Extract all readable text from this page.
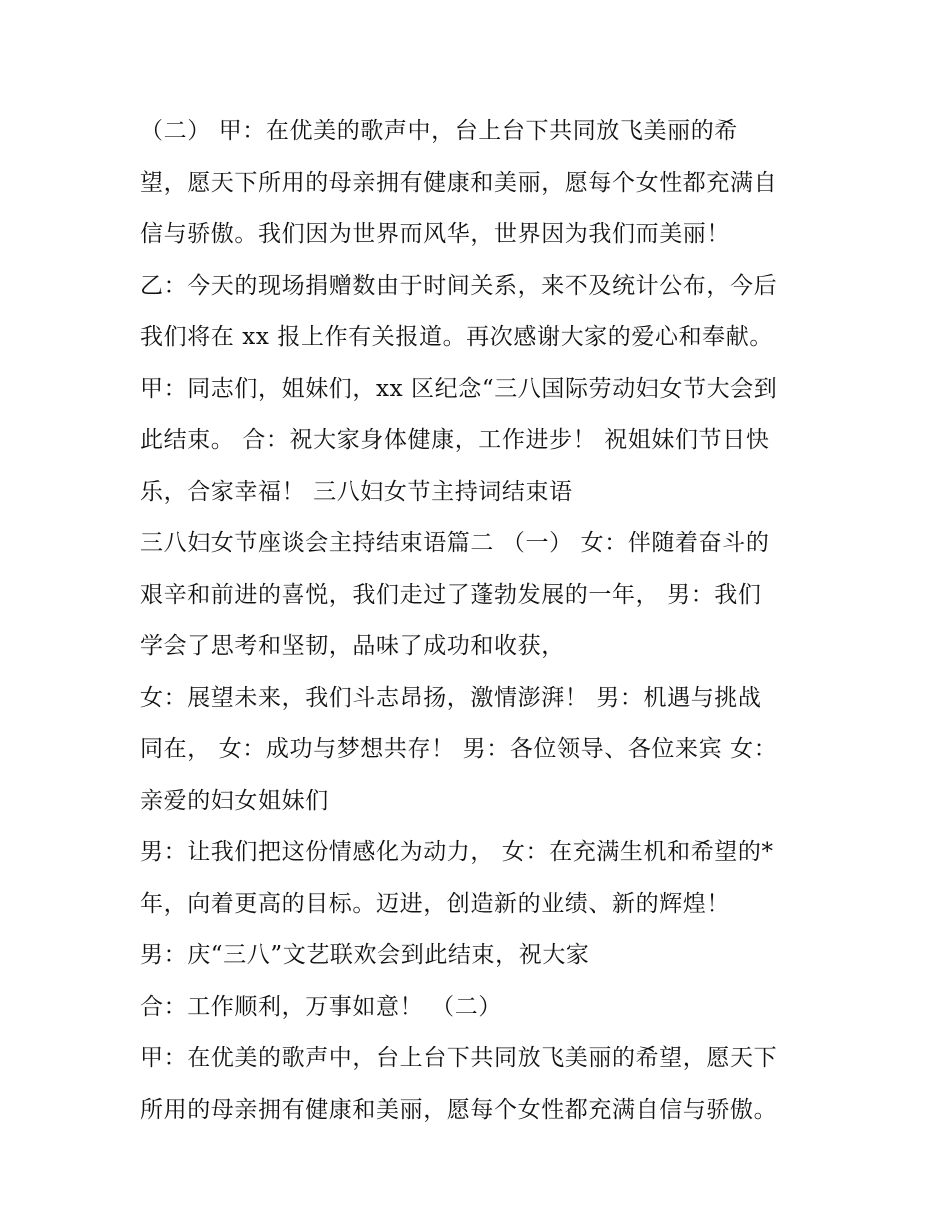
（二） 甲：在优美的歌声中，台上台下共同放飞美丽的希

望，愿天下所用的母亲拥有健康和美丽，愿每个女性都充满自

信与骄傲。我们因为世界而风华，世界因为我们而美丽！

乙：今天的现场捐赠数由于时间关系，来不及统计公布，今后

我们将在 xx 报上作有关报道。再次感谢大家的爱心和奉献。

甲：同志们，姐妹们，xx 区纪念“三八国际劳动妇女节大会到

此结束。 合：祝大家身体健康，工作进步！ 祝姐妹们节日快

乐，合家幸福！ 三八妇女节主持词结束语

三八妇女节座谈会主持结束语篇二 （一） 女：伴随着奋斗的

艰辛和前进的喜悦，我们走过了蓬勃发展的一年， 男：我们

学会了思考和坚韧，品味了成功和收获，

女：展望未来，我们斗志昂扬，激情澎湃！ 男：机遇与挑战

同在， 女：成功与梦想共存！ 男：各位领导、各位来宾 女：

亲爱的妇女姐妹们

男：让我们把这份情感化为动力， 女：在充满生机和希望的*

年，向着更高的目标。迈进，创造新的业绩、新的辉煌！

男：庆“三八”文艺联欢会到此结束，祝大家

合：工作顺利，万事如意！ （二）

甲：在优美的歌声中，台上台下共同放飞美丽的希望，愿天下

所用的母亲拥有健康和美丽，愿每个女性都充满自信与骄傲。
